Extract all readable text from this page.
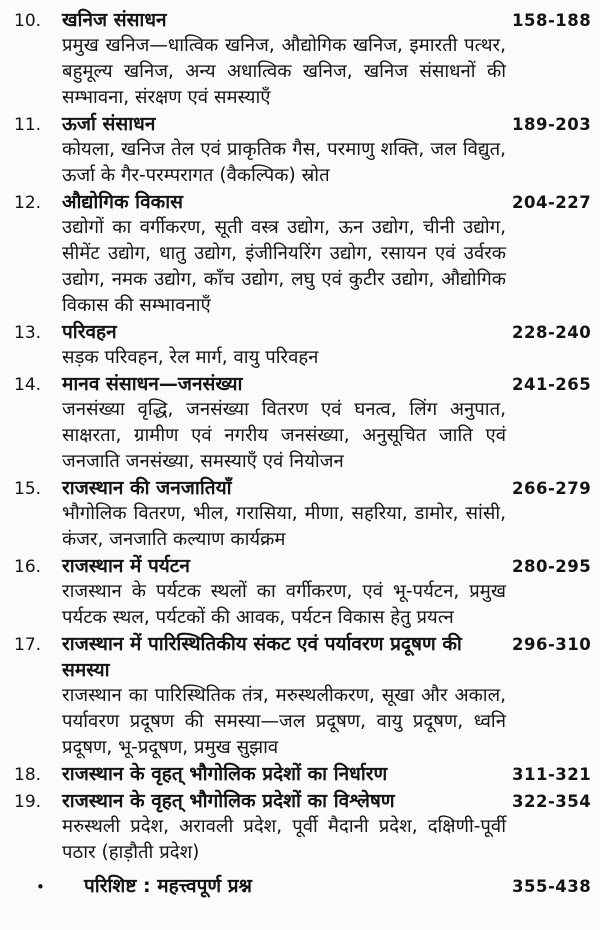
10.	खनिज संसाधन
प्रमुख खनिज—धात्विक खनिज, औद्योगिक खनिज, इमारती पत्थर, बहुमूल्य खनिज, अन्य अधात्विक खनिज, खनिज संसाधनों की सम्भावना, संरक्षण एवं समस्याएँ
158-188
11.	ऊर्जा संसाधन
कोयला, खनिज तेल एवं प्राकृतिक गैस, परमाणु शक्ति, जल विद्युत, ऊर्जा के गैर-परम्परागत (वैकल्पिक) स्रोत
189-203
12.	औद्योगिक विकास
उद्योगों का वर्गीकरण, सूती वस्त्र उद्योग, ऊन उद्योग, चीनी उद्योग, सीमेंट उद्योग, धातु उद्योग, इंजीनियरिंग उद्योग, रसायन एवं उर्वरक उद्योग, नमक उद्योग, काँच उद्योग, लघु एवं कुटीर उद्योग, औद्योगिक विकास की सम्भावनाएँ
204-227
13.	परिवहन
सड़क परिवहन, रेल मार्ग, वायु परिवहन
228-240
14.	मानव संसाधन—जनसंख्या
जनसंख्या वृद्धि, जनसंख्या वितरण एवं घनत्व, लिंग अनुपात, साक्षरता, ग्रामीण एवं नगरीय जनसंख्या, अनुसूचित जाति एवं जनजाति जनसंख्या, समस्याएँ एवं नियोजन
241-265
15.	राजस्थान की जनजातियाँ
भौगोलिक वितरण, भील, गरासिया, मीणा, सहरिया, डामोर, सांसी, कंजर, जनजाति कल्याण कार्यक्रम
266-279
16.	राजस्थान में पर्यटन
राजस्थान के पर्यटक स्थलों का वर्गीकरण, एवं भू-पर्यटन, प्रमुख पर्यटक स्थल, पर्यटकों की आवक, पर्यटन विकास हेतु प्रयत्न
280-295
17.	राजस्थान में पारिस्थितिकीय संकट एवं पर्यावरण प्रदूषण की समस्या
राजस्थान का पारिस्थितिक तंत्र, मरुस्थलीकरण, सूखा और अकाल, पर्यावरण प्रदूषण की समस्या—जल प्रदूषण, वायु प्रदूषण, ध्वनि प्रदूषण, भू-प्रदूषण, प्रमुख सुझाव
296-310
18.	राजस्थान के वृहत् भौगोलिक प्रदेशों का निर्धारण	311-321
19.	राजस्थान के वृहत् भौगोलिक प्रदेशों का विश्लेषण
मरुस्थली प्रदेश, अरावली प्रदेश, पूर्वी मैदानी प्रदेश, दक्षिणी-पूर्वी पठार (हाड़ौती प्रदेश)
322-354
•	परिशिष्ट : महत्त्वपूर्ण प्रश्न	355-438
